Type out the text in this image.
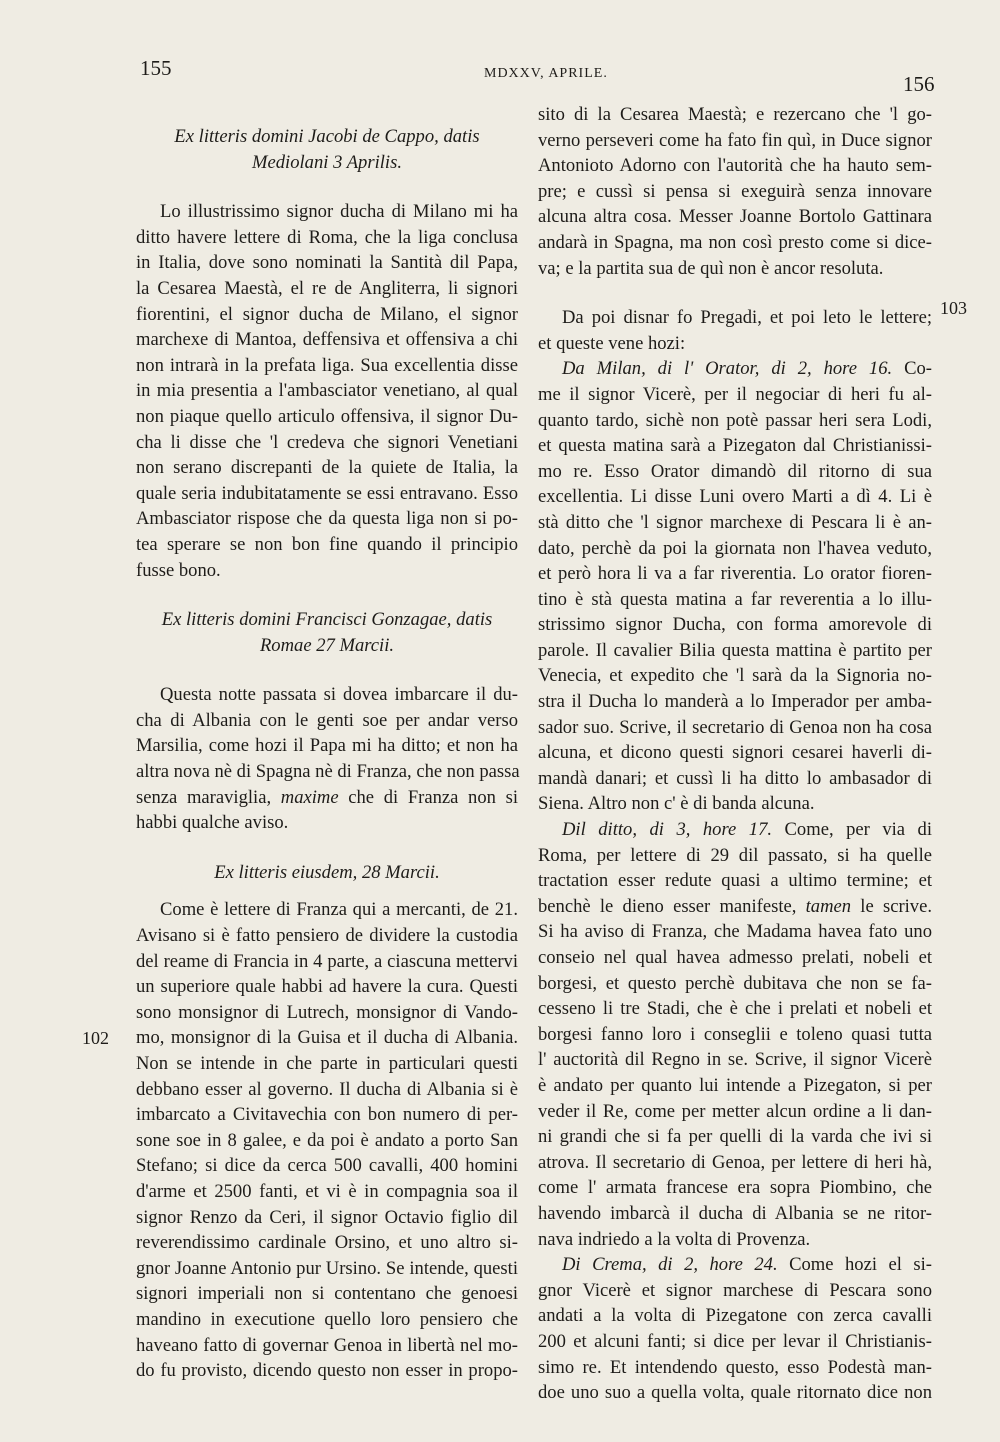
155	MDXXV, APRILE.	156
102
103
Ex litteris domini Jacobi de Cappo, datis
Mediolani 3 Aprilis.
Lo illustrissimo signor ducha di Milano mi ha
ditto havere lettere di Roma, che la liga conclusa
in Italia, dove sono nominati la Santità dil Papa,
la Cesarea Maestà, el re de Angliterra, li signori
fiorentini, el signor ducha de Milano, el signor
marchexe di Mantoa, deffensiva et offensiva a chi
non intrarà in la prefata liga. Sua excellentia disse
in mia presentia a l'ambasciator venetiano, al qual
non piaque quello articulo offensiva, il signor Du-
cha li disse che 'l credeva che signori Venetiani
non serano discrepanti de la quiete de Italia, la
quale seria indubitatamente se essi entravano. Esso
Ambasciator rispose che da questa liga non si po-
tea sperare se non bon fine quando il principio
fusse bono.
Ex litteris domini Francisci Gonzagae, datis
Romae 27 Marcii.
Questa notte passata si dovea imbarcare il du-
cha di Albania con le genti soe per andar verso
Marsilia, come hozi il Papa mi ha ditto; et non ha
altra nova nè di Spagna nè di Franza, che non passa
senza maraviglia, maxime che di Franza non si
habbi qualche aviso.
Ex litteris eiusdem, 28 Marcii.
Come è lettere di Franza qui a mercanti, de 21.
Avisano si è fatto pensiero de dividere la custodia
del reame di Francia in 4 parte, a ciascuna mettervi
un superiore quale habbi ad havere la cura. Questi
sono monsignor di Lutrech, monsignor di Vando-
mo, monsignor di la Guisa et il ducha di Albania.
Non se intende in che parte in particulari questi
debbano esser al governo. Il ducha di Albania si è
imbarcato a Civitavechia con bon numero di per-
sone soe in 8 galee, e da poi è andato a porto San
Stefano; si dice da cerca 500 cavalli, 400 homini
d'arme et 2500 fanti, et vi è in compagnia soa il
signor Renzo da Ceri, il signor Octavio figlio dil
reverendissimo cardinale Orsino, et uno altro si-
gnor Joanne Antonio pur Ursino. Se intende, questi
signori imperiali non si contentano che genoesi
mandino in executione quello loro pensiero che
haveano fatto di governar Genoa in libertà nel mo-
do fu provisto, dicendo questo non esser in propo-
sito di la Cesarea Maestà; e rezercano che 'l go-
verno perseveri come ha fato fin quì, in Duce signor
Antonioto Adorno con l'autorità che ha hauto sem-
pre; e cussì si pensa si exeguirà senza innovare
alcuna altra cosa. Messer Joanne Bortolo Gattinara
andarà in Spagna, ma non così presto come si dice-
va; e la partita sua de quì non è ancor resoluta.
Da poi disnar fo Pregadi, et poi leto le lettere;
et queste vene hozi:
Da Milan, di l' Orator, di 2, hore 16. Co-
me il signor Vicerè, per il negociar di heri fu al-
quanto tardo, sichè non potè passar heri sera Lodi,
et questa matina sarà a Pizegaton dal Christianissi-
mo re. Esso Orator dimandò dil ritorno di sua
excellentia. Li disse Luni overo Marti a dì 4. Li è
stà ditto che 'l signor marchexe di Pescara li è an-
dato, perchè da poi la giornata non l'havea veduto,
et però hora li va a far riverentia. Lo orator fioren-
tino è stà questa matina a far reverentia a lo illu-
strissimo signor Ducha, con forma amorevole di
parole. Il cavalier Bilia questa mattina è partito per
Venecia, et expedito che 'l sarà da la Signoria no-
stra il Ducha lo manderà a lo Imperador per amba-
sador suo. Scrive, il secretario di Genoa non ha cosa
alcuna, et dicono questi signori cesarei haverli di-
mandà danari; et cussì li ha ditto lo ambasador di
Siena. Altro non c' è di banda alcuna.
Dil ditto, di 3, hore 17. Come, per via di
Roma, per lettere di 29 dil passato, si ha quelle
tractation esser redute quasi a ultimo termine; et
benchè le dieno esser manifeste, tamen le scrive.
Si ha aviso di Franza, che Madama havea fato uno
conseio nel qual havea admesso prelati, nobeli et
borgesi, et questo perchè dubitava che non se fa-
cesseno li tre Stadi, che è che i prelati et nobeli et
borgesi fanno loro i conseglii e toleno quasi tutta
l' auctorità dil Regno in se. Scrive, il signor Vicerè
è andato per quanto lui intende a Pizegaton, si per
veder il Re, come per metter alcun ordine a li dan-
ni grandi che si fa per quelli di la varda che ivi si
atrova. Il secretario di Genoa, per lettere di heri hà,
come l' armata francese era sopra Piombino, che
havendo imbarcà il ducha di Albania se ne ritor-
nava indriedo a la volta di Provenza.
Di Crema, di 2, hore 24. Come hozi el si-
gnor Vicerè et signor marchese di Pescara sono
andati a la volta di Pizegatone con zerca cavalli
200 et alcuni fanti; si dice per levar il Christianis-
simo re. Et intendendo questo, esso Podestà man-
doe uno suo a quella volta, quale ritornato dice non
